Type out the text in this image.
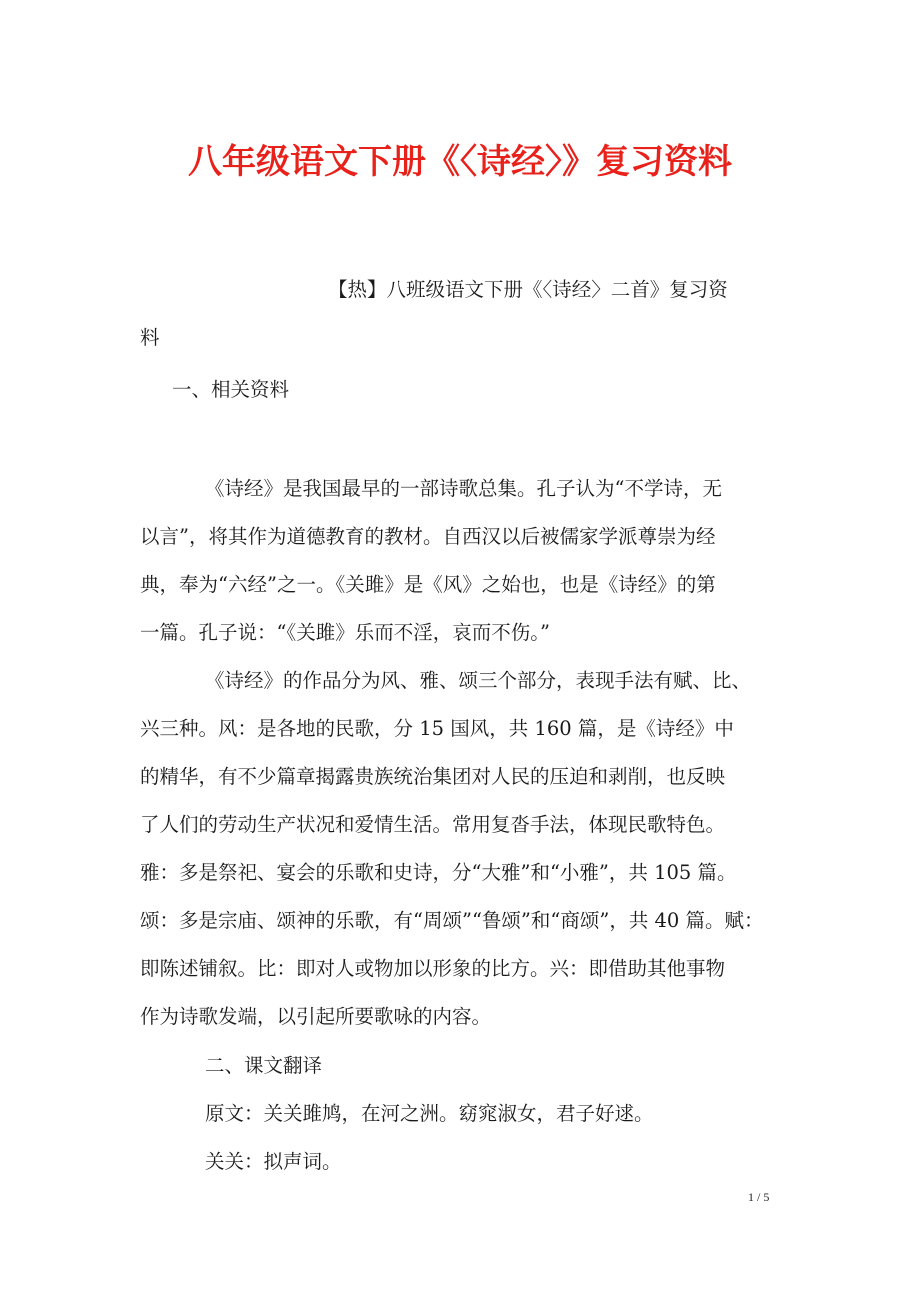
八年级语文下册《〈诗经〉》复习资料
【热】八班级语文下册《〈诗经〉二首》复习资
料
一、相关资料
《诗经》是我国最早的一部诗歌总集。孔子认为“不学诗，无
以言”，将其作为道德教育的教材。自西汉以后被儒家学派尊崇为经
典，奉为“六经”之一。《关雎》是《风》之始也，也是《诗经》的第
一篇。孔子说：“《关雎》乐而不淫，哀而不伤。”
《诗经》的作品分为风、雅、颂三个部分，表现手法有赋、比、
兴三种。风：是各地的民歌，分 15 国风，共 160 篇，是《诗经》中
的精华，有不少篇章揭露贵族统治集团对人民的压迫和剥削，也反映
了人们的劳动生产状况和爱情生活。常用复沓手法，体现民歌特色。
雅：多是祭祀、宴会的乐歌和史诗，分“大雅”和“小雅”，共 105 篇。
颂：多是宗庙、颂神的乐歌，有“周颂”“鲁颂”和“商颂”，共 40 篇。赋：
即陈述铺叙。比：即对人或物加以形象的比方。兴：即借助其他事物
作为诗歌发端，以引起所要歌咏的内容。
二、课文翻译
原文：关关雎鸠，在河之洲。窈窕淑女，君子好逑。
关关：拟声词。
1 / 5
